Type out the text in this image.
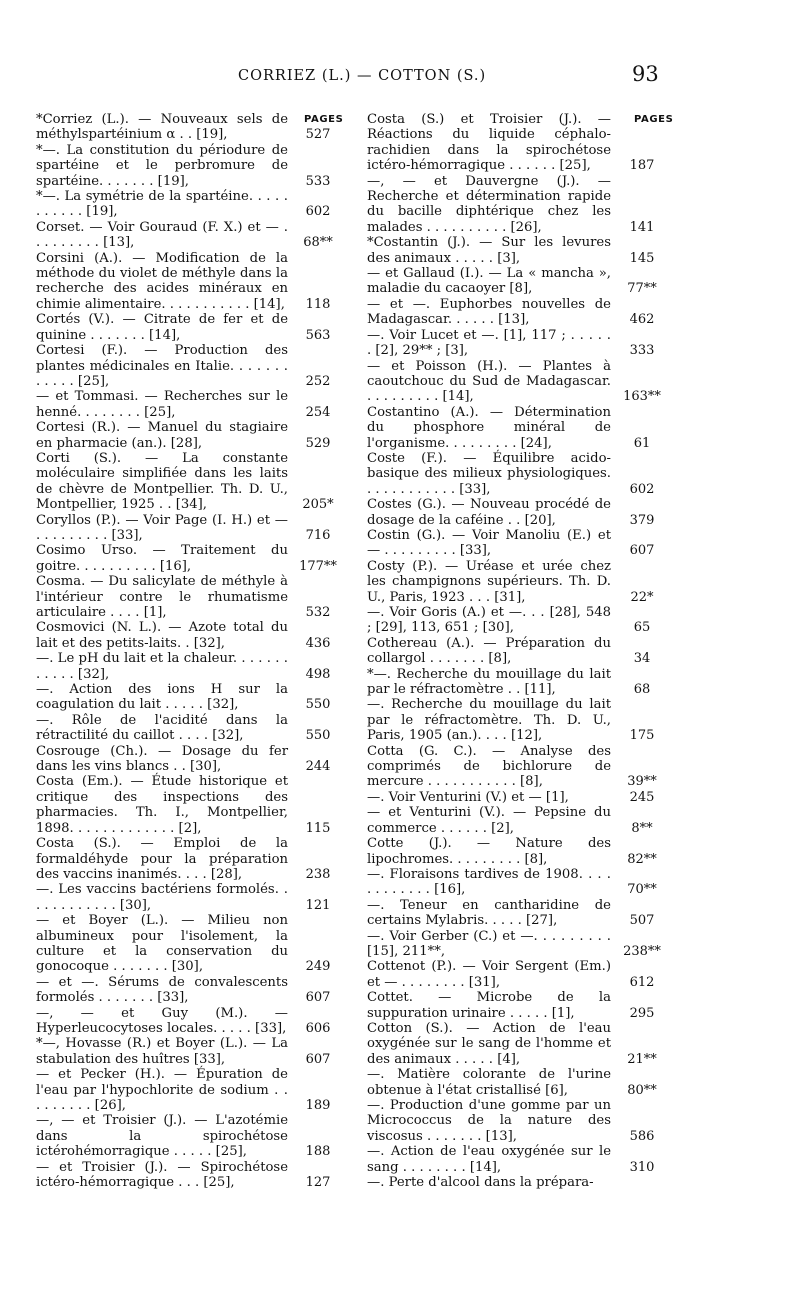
CORRIEZ (L.) — COTTON (S.)	93
PAGES	PAGES
*Corriez (L.). — Nouveaux sels de méthylspartéinium α . . [19],	527
*—. La constitution du périodure de spartéine et le perbromure de spartéine. . . . . . . [19],	533
*—. La symétrie de la spartéine. . . . . . . . . . . [19],	602
Corset. — Voir Gouraud (F. X.) et — . . . . . . . . . [13],	68**
Corsini (A.). — Modification de la méthode du violet de méthyle dans la recherche des acides minéraux en chimie alimentaire. . . . . . . . . . . [14],	118
Cortés (V.). — Citrate de fer et de quinine . . . . . . . [14],	563
Cortesi (F.). — Production des plantes médicinales en Italie. . . . . . . . . . . . [25],	252
— et Tommasi. — Recherches sur le henné. . . . . . . . [25],	254
Cortesi (R.). — Manuel du stagiaire en pharmacie (an.). [28],	529
Corti (S.). — La constante moléculaire simplifiée dans les laits de chèvre de Montpellier. Th. D. U., Montpellier, 1925 . . [34],	205*
Coryllos (P.). — Voir Page (I. H.) et — . . . . . . . . . [33],	716
Cosimo Urso. — Traitement du goitre. . . . . . . . . . [16],	177**
Cosma. — Du salicylate de méthyle à l'intérieur contre le rhumatisme articulaire . . . . [1],	532
Cosmovici (N. L.). — Azote total du lait et des petits-laits. . [32],	436
—. Le pH du lait et la chaleur. . . . . . . . . . . . [32],	498
—. Action des ions H sur la coagulation du lait . . . . . [32],	550
—. Rôle de l'acidité dans la rétractilité du caillot . . . . [32],	550
Cosrouge (Ch.). — Dosage du fer dans les vins blancs . . [30],	244
Costa (Em.). — Étude historique et critique des inspections des pharmacies. Th. I., Montpellier, 1898. . . . . . . . . . . . . [2],	115
Costa (S.). — Emploi de la formaldéhyde pour la préparation des vaccins inanimés. . . . [28],	238
—. Les vaccins bactériens formolés. . . . . . . . . . . . [30],	121
— et Boyer (L.). — Milieu non albumineux pour l'isolement, la culture et la conservation du gonocoque . . . . . . . [30],	249
— et —. Sérums de convalescents formolés . . . . . . . [33],	607
—, — et Guy (M.). — Hyperleucocytoses locales. . . . . [33],	606
*—, Hovasse (R.) et Boyer (L.). — La stabulation des huîtres [33],	607
— et Pecker (H.). — Épuration de l'eau par l'hypochlorite de sodium . . . . . . . . . [26],	189
—, — et Troisier (J.). — L'azotémie dans la spirochétose ictérohémorragique . . . . . [25],	188
— et Troisier (J.). — Spirochétose ictéro-hémorragique . . . [25],	127
Costa (S.) et Troisier (J.). — Réactions du liquide céphalo-rachidien dans la spirochétose ictéro-hémorragique . . . . . . [25],	187
—, — et Dauvergne (J.). — Recherche et détermination rapide du bacille diphtérique chez les malades . . . . . . . . . . [26],	141
*Costantin (J.). — Sur les levures des animaux . . . . . [3],	145
— et Gallaud (I.). — La « mancha », maladie du cacaoyer [8],	77**
— et —. Euphorbes nouvelles de Madagascar. . . . . . [13],	462
—. Voir Lucet et —. [1], 117 ; . . . . . . [2], 29** ; [3],	333
— et Poisson (H.). — Plantes à caoutchouc du Sud de Madagascar. . . . . . . . . . [14],	163**
Costantino (A.). — Détermination du phosphore minéral de l'organisme. . . . . . . . . [24],	61
Coste (F.). — Équilibre acido-basique des milieux physiologiques. . . . . . . . . . . . [33],	602
Costes (G.). — Nouveau procédé de dosage de la caféine . . [20],	379
Costin (G.). — Voir Manoliu (E.) et — . . . . . . . . . [33],	607
Costy (P.). — Uréase et urée chez les champignons supérieurs. Th. D. U., Paris, 1923 . . . [31],	22*
—. Voir Goris (A.) et —. . . [28], 548 ; [29], 113, 651 ; [30],	65
Cothereau (A.). — Préparation du collargol . . . . . . . [8],	34
*—. Recherche du mouillage du lait par le réfractomètre . . [11],	68
—. Recherche du mouillage du lait par le réfractomètre. Th. D. U., Paris, 1905 (an.). . . . [12],	175
Cotta (G. C.). — Analyse des comprimés de bichlorure de mercure . . . . . . . . . . . [8],	39**
—. Voir Venturini (V.) et — [1],	245
— et Venturini (V.). — Pepsine du commerce . . . . . . [2],	8**
Cotte (J.). — Nature des lipochromes. . . . . . . . . [8],	82**
—. Floraisons tardives de 1908. . . . . . . . . . . . [16],	70**
—. Teneur en cantharidine de certains Mylabris. . . . . [27],	507
—. Voir Gerber (C.) et —. . . . . . . . . [15], 211**,	238**
Cottenot (P.). — Voir Sergent (Em.) et — . . . . . . . . [31],	612
Cottet. — Microbe de la suppuration urinaire . . . . . [1],	295
Cotton (S.). — Action de l'eau oxygénée sur le sang de l'homme et des animaux . . . . . [4],	21**
—. Matière colorante de l'urine obtenue à l'état cristallisé [6],	80**
—. Production d'une gomme par un Micrococcus de la nature des viscosus . . . . . . . [13],	586
—. Action de l'eau oxygénée sur le sang . . . . . . . . [14],	310
—. Perte d'alcool dans la prépara-
